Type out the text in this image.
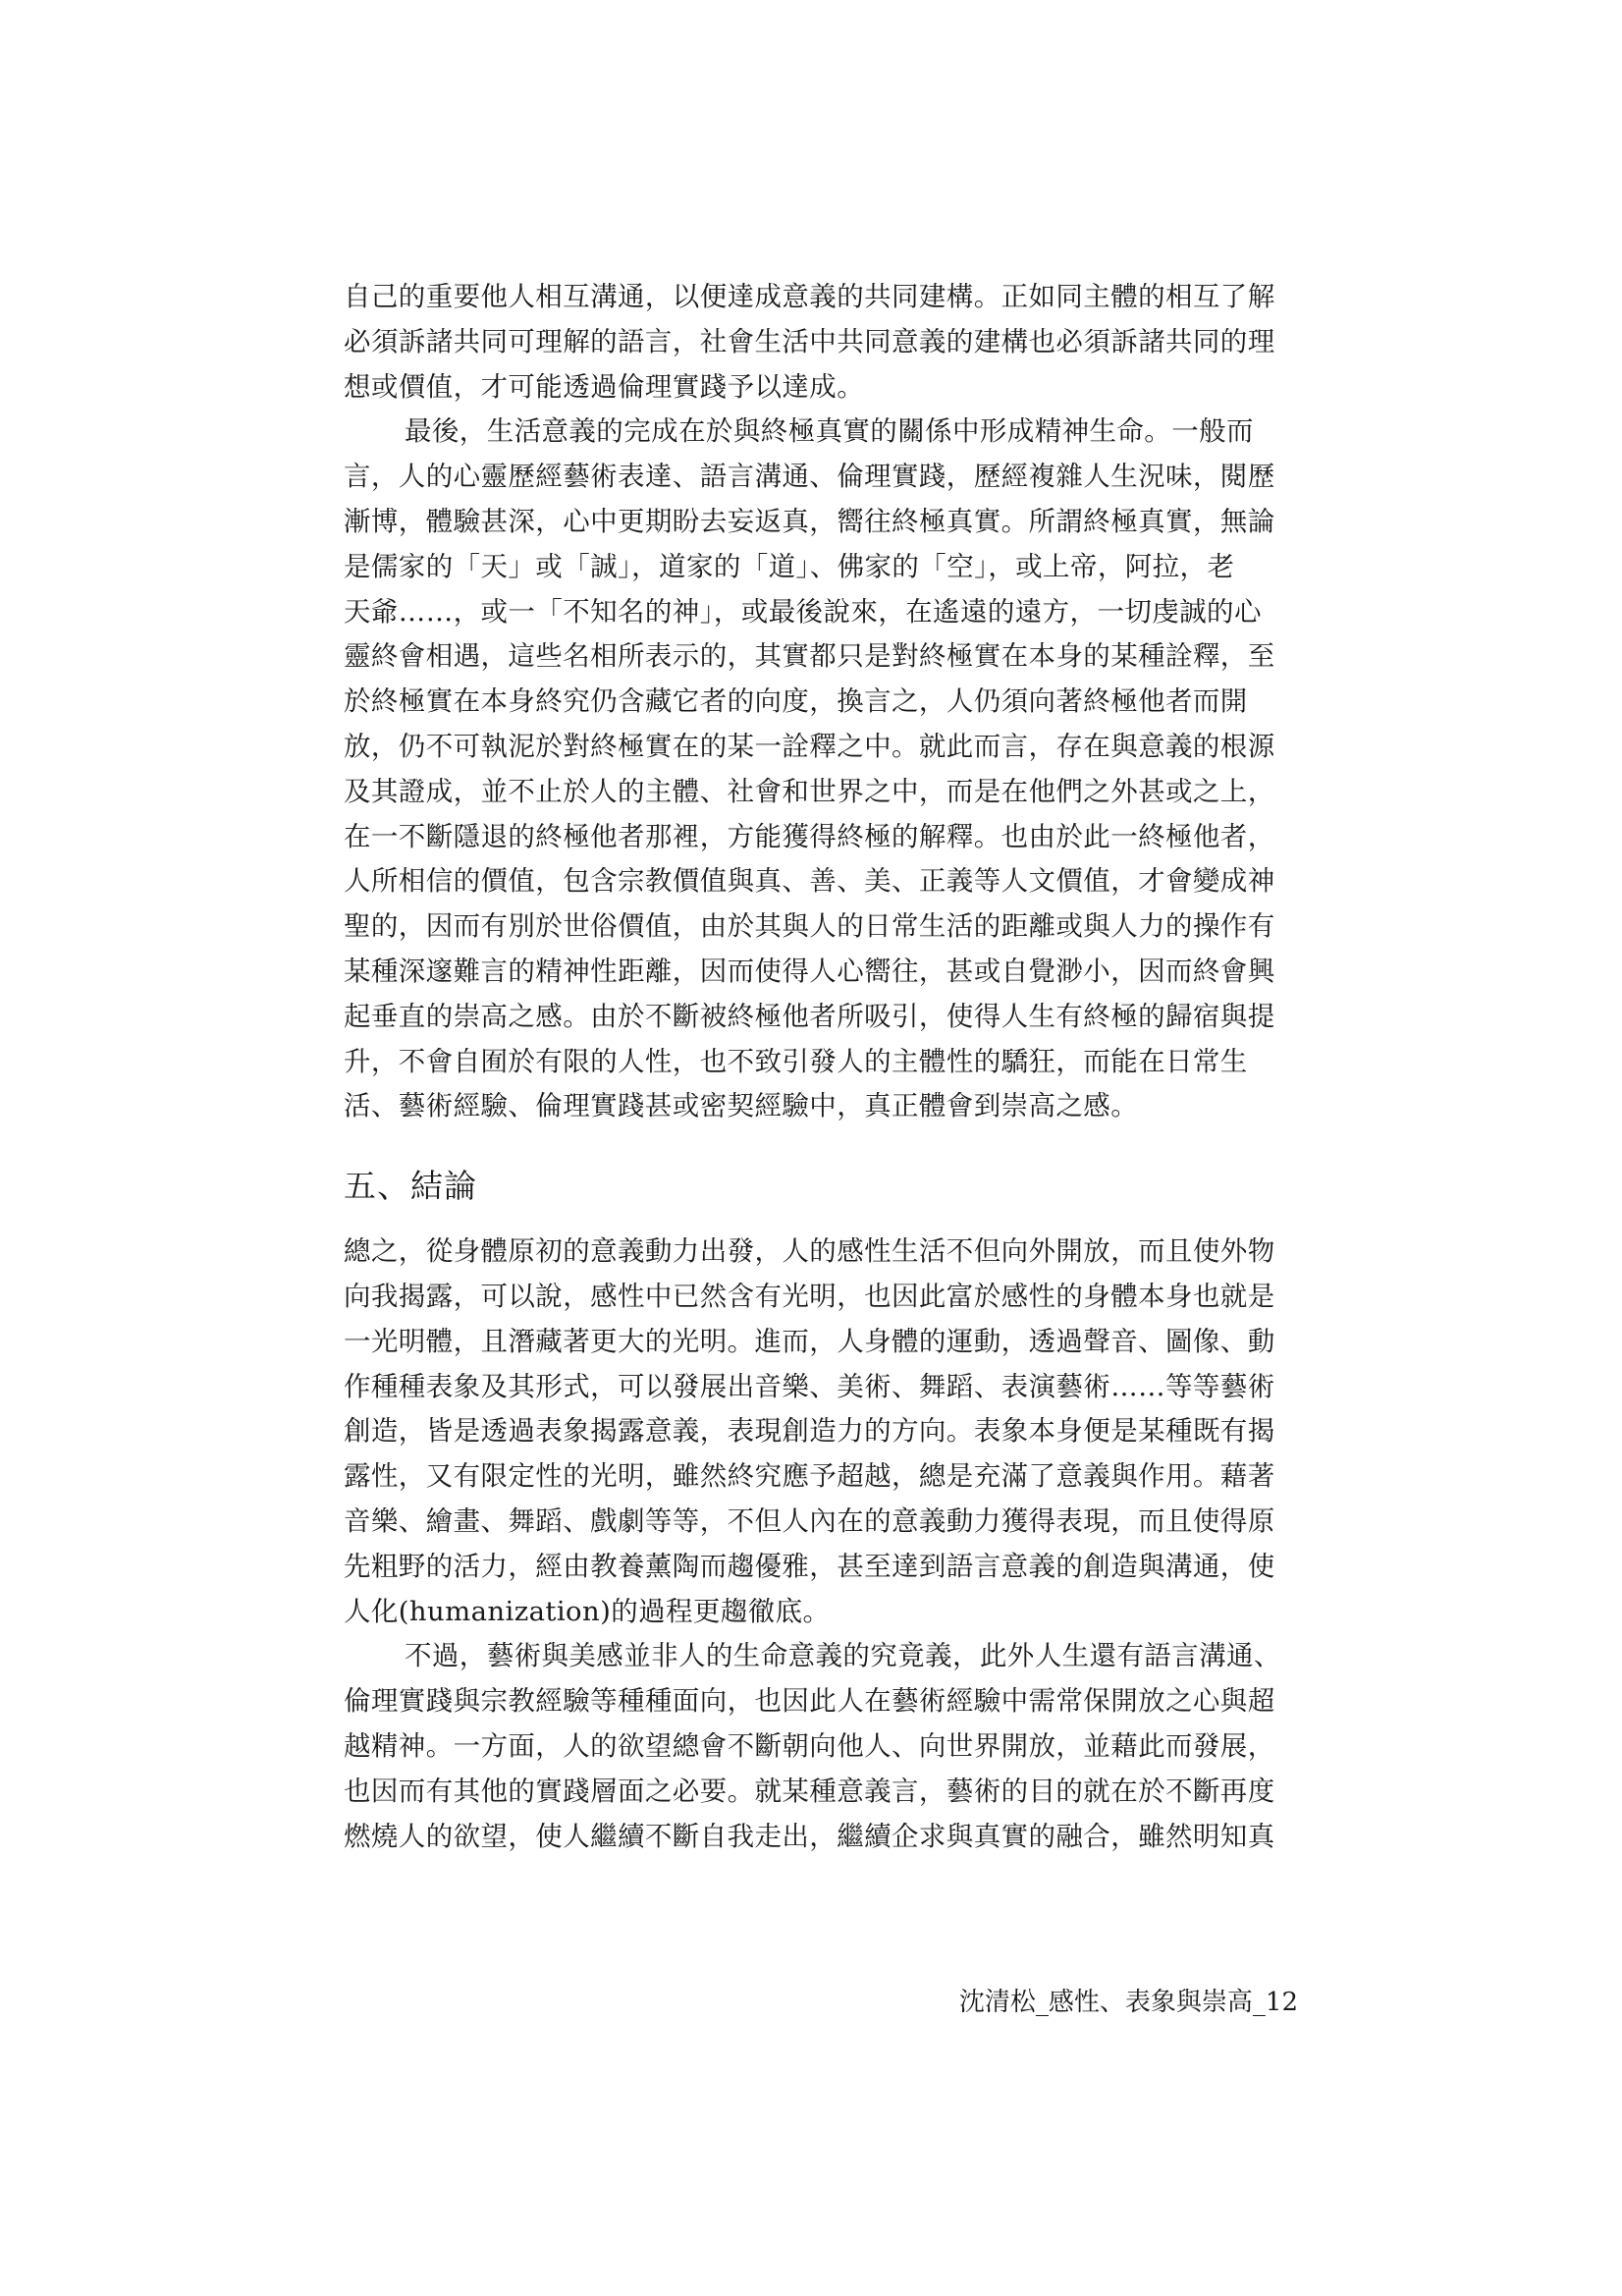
自己的重要他人相互溝通，以便達成意義的共同建構。正如同主體的相互了解
必須訴諸共同可理解的語言，社會生活中共同意義的建構也必須訴諸共同的理
想或價值，才可能透過倫理實踐予以達成。
最後，生活意義的完成在於與終極真實的關係中形成精神生命。一般而
言，人的心靈歷經藝術表達、語言溝通、倫理實踐，歷經複雜人生況味，閱歷
漸博，體驗甚深，心中更期盼去妄返真，嚮往終極真實。所謂終極真實，無論
是儒家的「天」或「誠」，道家的「道」、佛家的「空」，或上帝，阿拉，老
天爺……，或一「不知名的神」，或最後說來，在遙遠的遠方，一切虔誠的心
靈終會相遇，這些名相所表示的，其實都只是對終極實在本身的某種詮釋，至
於終極實在本身終究仍含藏它者的向度，換言之，人仍須向著終極他者而開
放，仍不可執泥於對終極實在的某一詮釋之中。就此而言，存在與意義的根源
及其證成，並不止於人的主體、社會和世界之中，而是在他們之外甚或之上，
在一不斷隱退的終極他者那裡，方能獲得終極的解釋。也由於此一終極他者，
人所相信的價值，包含宗教價值與真、善、美、正義等人文價值，才會變成神
聖的，因而有別於世俗價值，由於其與人的日常生活的距離或與人力的操作有
某種深邃難言的精神性距離，因而使得人心嚮往，甚或自覺渺小，因而終會興
起垂直的崇高之感。由於不斷被終極他者所吸引，使得人生有終極的歸宿與提
升，不會自囿於有限的人性，也不致引發人的主體性的驕狂，而能在日常生
活、藝術經驗、倫理實踐甚或密契經驗中，真正體會到崇高之感。
五、結論
總之，從身體原初的意義動力出發，人的感性生活不但向外開放，而且使外物
向我揭露，可以說，感性中已然含有光明，也因此富於感性的身體本身也就是
一光明體，且潛藏著更大的光明。進而，人身體的運動，透過聲音、圖像、動
作種種表象及其形式，可以發展出音樂、美術、舞蹈、表演藝術……等等藝術
創造，皆是透過表象揭露意義，表現創造力的方向。表象本身便是某種既有揭
露性，又有限定性的光明，雖然終究應予超越，總是充滿了意義與作用。藉著
音樂、繪畫、舞蹈、戲劇等等，不但人內在的意義動力獲得表現，而且使得原
先粗野的活力，經由教養薰陶而趨優雅，甚至達到語言意義的創造與溝通，使
人化(humanization)的過程更趨徹底。
不過，藝術與美感並非人的生命意義的究竟義，此外人生還有語言溝通、
倫理實踐與宗教經驗等種種面向，也因此人在藝術經驗中需常保開放之心與超
越精神。一方面，人的欲望總會不斷朝向他人、向世界開放，並藉此而發展，
也因而有其他的實踐層面之必要。就某種意義言，藝術的目的就在於不斷再度
燃燒人的欲望，使人繼續不斷自我走出，繼續企求與真實的融合，雖然明知真
沈清松_感性、表象與崇高_12
